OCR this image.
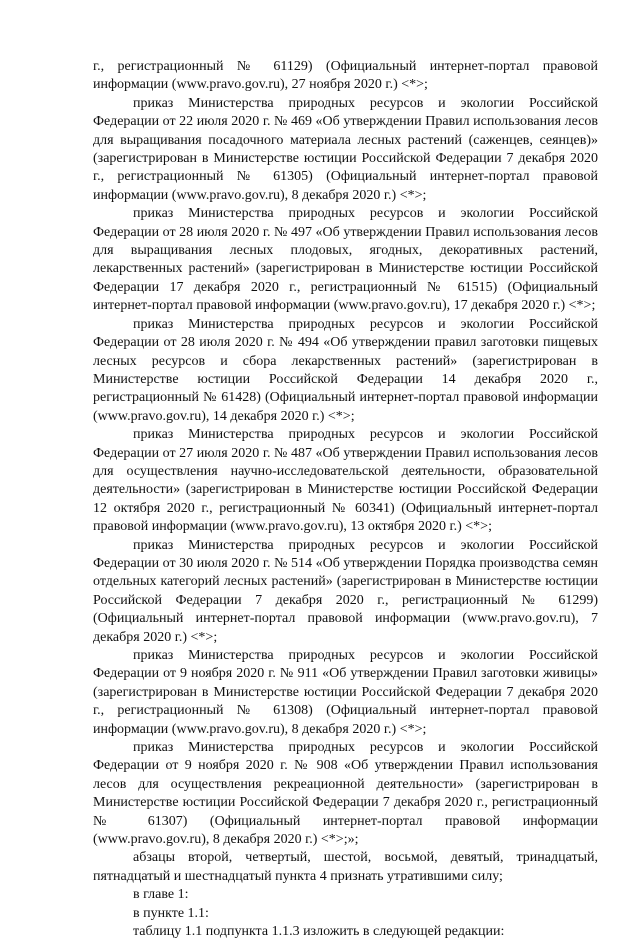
г., регистрационный № 61129) (Официальный интернет-портал правовой информации (www.pravo.gov.ru), 27 ноября 2020 г.) <*>;

приказ Министерства природных ресурсов и экологии Российской Федерации от 22 июля 2020 г. № 469 «Об утверждении Правил использования лесов для выращивания посадочного материала лесных растений (саженцев, сеянцев)» (зарегистрирован в Министерстве юстиции Российской Федерации 7 декабря 2020 г., регистрационный № 61305) (Официальный интернет-портал правовой информации (www.pravo.gov.ru), 8 декабря 2020 г.) <*>;

приказ Министерства природных ресурсов и экологии Российской Федерации от 28 июля 2020 г. № 497 «Об утверждении Правил использования лесов для выращивания лесных плодовых, ягодных, декоративных растений, лекарственных растений» (зарегистрирован в Министерстве юстиции Российской Федерации 17 декабря 2020 г., регистрационный № 61515) (Официальный интернет-портал правовой информации (www.pravo.gov.ru), 17 декабря 2020 г.) <*>;

приказ Министерства природных ресурсов и экологии Российской Федерации от 28 июля 2020 г. № 494 «Об утверждении правил заготовки пищевых лесных ресурсов и сбора лекарственных растений» (зарегистрирован в Министерстве юстиции Российской Федерации 14 декабря 2020 г., регистрационный № 61428) (Официальный интернет-портал правовой информации (www.pravo.gov.ru), 14 декабря 2020 г.) <*>;

приказ Министерства природных ресурсов и экологии Российской Федерации от 27 июля 2020 г. № 487 «Об утверждении Правил использования лесов для осуществления научно-исследовательской деятельности, образовательной деятельности» (зарегистрирован в Министерстве юстиции Российской Федерации 12 октября 2020 г., регистрационный № 60341) (Официальный интернет-портал правовой информации (www.pravo.gov.ru), 13 октября 2020 г.) <*>;

приказ Министерства природных ресурсов и экологии Российской Федерации от 30 июля 2020 г. № 514 «Об утверждении Порядка производства семян отдельных категорий лесных растений» (зарегистрирован в Министерстве юстиции Российской Федерации 7 декабря 2020 г., регистрационный № 61299) (Официальный интернет-портал правовой информации (www.pravo.gov.ru), 7 декабря 2020 г.) <*>;

приказ Министерства природных ресурсов и экологии Российской Федерации от 9 ноября 2020 г. № 911 «Об утверждении Правил заготовки живицы» (зарегистрирован в Министерстве юстиции Российской Федерации 7 декабря 2020 г., регистрационный № 61308) (Официальный интернет-портал правовой информации (www.pravo.gov.ru), 8 декабря 2020 г.) <*>;

приказ Министерства природных ресурсов и экологии Российской Федерации от 9 ноября 2020 г. № 908 «Об утверждении Правил использования лесов для осуществления рекреационной деятельности» (зарегистрирован в Министерстве юстиции Российской Федерации 7 декабря 2020 г., регистрационный № 61307) (Официальный интернет-портал правовой информации (www.pravo.gov.ru), 8 декабря 2020 г.) <*>;»;

абзацы второй, четвертый, шестой, восьмой, девятый, тринадцатый, пятнадцатый и шестнадцатый пункта 4 признать утратившими силу;

в главе 1:

в пункте 1.1:

таблицу 1.1 подпункта 1.1.3 изложить в следующей редакции:
